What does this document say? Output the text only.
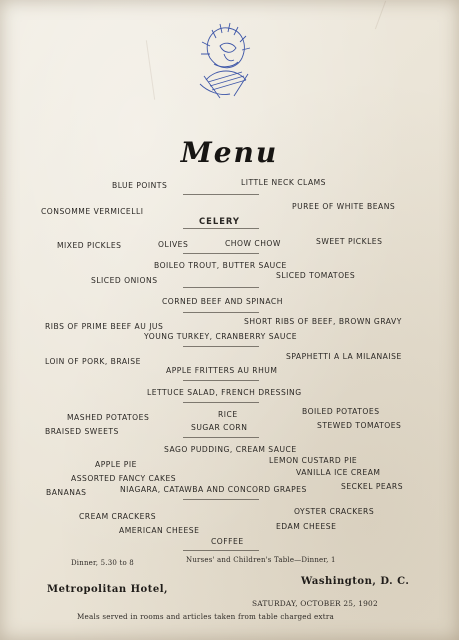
Menu
BLUE POINTS	LITTLE NECK CLAMS
CONSOMME VERMICELLI
PUREE OF WHITE BEANS
CELERY
MIXED PICKLES	OLIVES	CHOW CHOW	SWEET PICKLES
BOILEO TROUT, BUTTER SAUCE
SLICED ONIONS
SLICED TOMATOES
CORNED BEEF AND SPINACH
RIBS OF PRIME BEEF AU JUS
SHORT RIBS OF BEEF, BROWN GRAVY
YOUNG TURKEY, CRANBERRY SAUCE
LOIN OF PORK, BRAISE
SPAPHETTI A LA MILANAISE
APPLE FRITTERS AU RHUM
LETTUCE SALAD, FRENCH DRESSING
MASHED POTATOES	RICE	BOILED POTATOES
BRAISED SWEETS	SUGAR CORN	STEWED TOMATOES
SAGO PUDDING, CREAM SAUCE
APPLE PIE	LEMON CUSTARD PIE
ASSORTED FANCY CAKES
VANILLA ICE CREAM
BANANAS	NIAGARA, CATAWBA AND CONCORD GRAPES	SECKEL PEARS
CREAM CRACKERS
OYSTER CRACKERS
AMERICAN CHEESE	EDAM CHEESE
COFFEE
Dinner, 5.30 to 8	Nurses' and Children's Table—Dinner, 1
Metropolitan Hotel,
Washington, D. C.
SATURDAY, OCTOBER 25, 1902
Meals served in rooms and articles taken from table charged extra
